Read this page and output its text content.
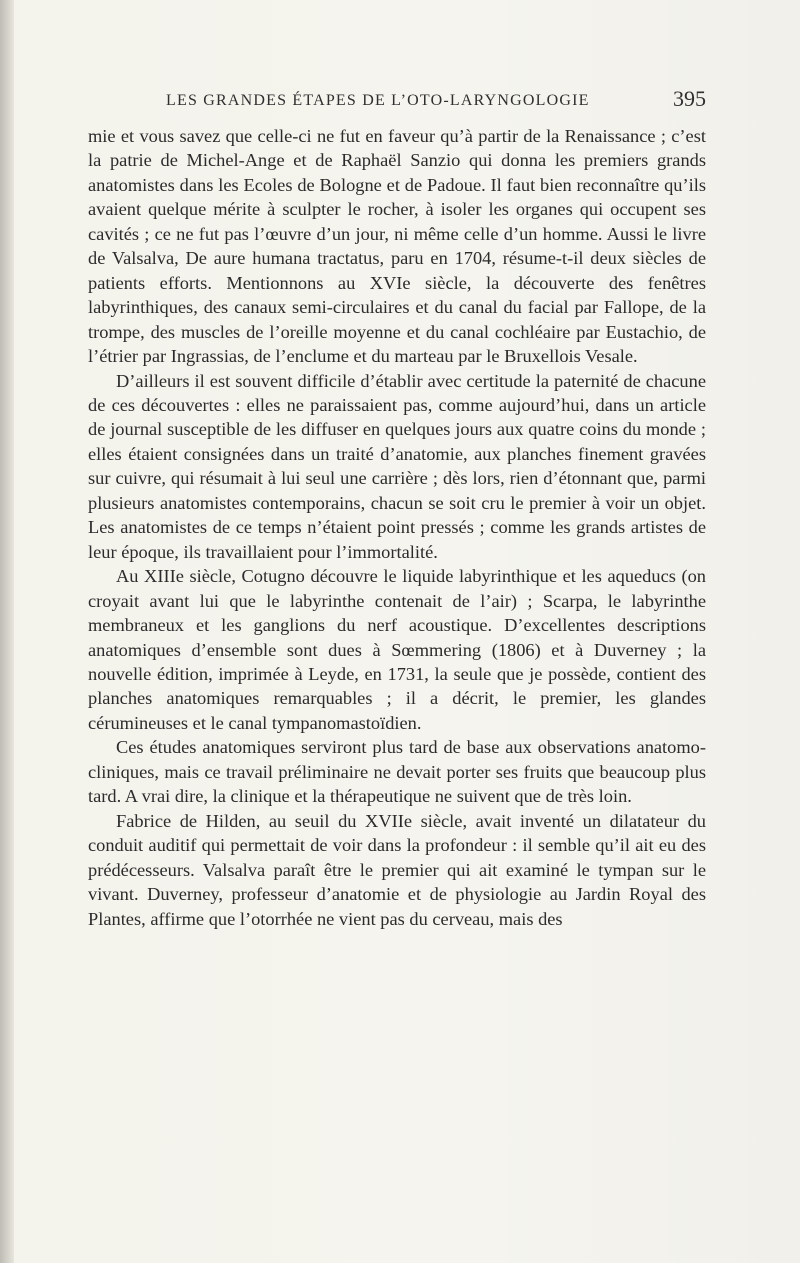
LES GRANDES ÉTAPES DE L’OTO-LARYNGOLOGIE	395

mie et vous savez que celle-ci ne fut en faveur qu’à partir de la Renaissance ; c’est la patrie de Michel-Ange et de Raphaël Sanzio qui donna les premiers grands anatomistes dans les Ecoles de Bologne et de Padoue. Il faut bien reconnaître qu’ils avaient quelque mérite à sculpter le rocher, à isoler les organes qui occupent ses cavités ; ce ne fut pas l’œuvre d’un jour, ni même celle d’un homme. Aussi le livre de Valsalva, De aure humana tractatus, paru en 1704, résume-t-il deux siècles de patients efforts. Mentionnons au XVIe siècle, la découverte des fenêtres labyrinthiques, des canaux semi-circulaires et du canal du facial par Fallope, de la trompe, des muscles de l’oreille moyenne et du canal cochléaire par Eustachio, de l’étrier par Ingrassias, de l’enclume et du marteau par le Bruxellois Vesale.

D’ailleurs il est souvent difficile d’établir avec certitude la paternité de chacune de ces découvertes : elles ne paraissaient pas, comme aujourd’hui, dans un article de journal susceptible de les diffuser en quelques jours aux quatre coins du monde ; elles étaient consignées dans un traité d’anatomie, aux planches finement gravées sur cuivre, qui résumait à lui seul une carrière ; dès lors, rien d’étonnant que, parmi plusieurs anatomistes contemporains, chacun se soit cru le premier à voir un objet. Les anatomistes de ce temps n’étaient point pressés ; comme les grands artistes de leur époque, ils travaillaient pour l’immortalité.

Au XIIIe siècle, Cotugno découvre le liquide labyrinthique et les aqueducs (on croyait avant lui que le labyrinthe contenait de l’air) ; Scarpa, le labyrinthe membraneux et les ganglions du nerf acoustique. D’excellentes descriptions anatomiques d’ensemble sont dues à Sœmmering (1806) et à Duverney ; la nouvelle édition, imprimée à Leyde, en 1731, la seule que je possède, contient des planches anatomiques remarquables ; il a décrit, le premier, les glandes cérumineuses et le canal tympanomastoïdien.

Ces études anatomiques serviront plus tard de base aux observations anatomo-cliniques, mais ce travail préliminaire ne devait porter ses fruits que beaucoup plus tard. A vrai dire, la clinique et la thérapeutique ne suivent que de très loin.

Fabrice de Hilden, au seuil du XVIIe siècle, avait inventé un dilatateur du conduit auditif qui permettait de voir dans la profondeur : il semble qu’il ait eu des prédécesseurs. Valsalva paraît être le premier qui ait examiné le tympan sur le vivant. Duverney, professeur d’anatomie et de physiologie au Jardin Royal des Plantes, affirme que l’otorrhée ne vient pas du cerveau, mais des
